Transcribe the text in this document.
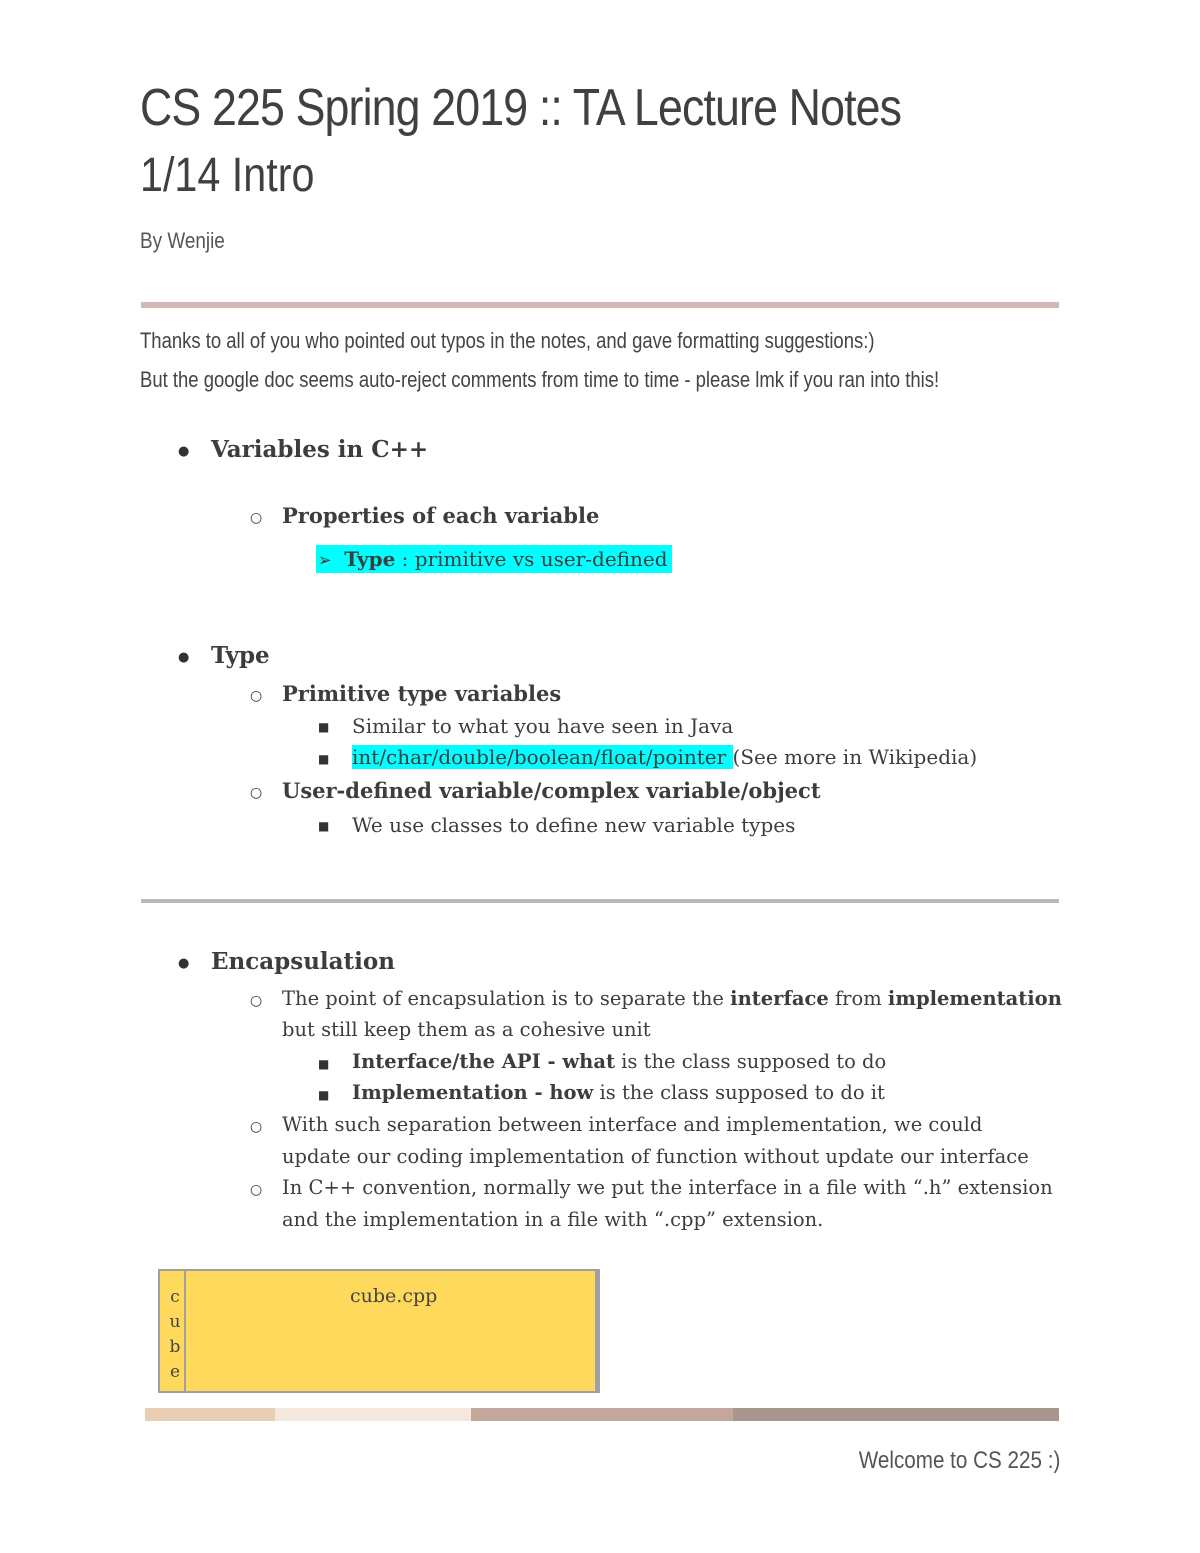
CS 225 Spring 2019 :: TA Lecture Notes
1/14 Intro
By Wenjie
Thanks to all of you who pointed out typos in the notes, and gave formatting suggestions:)
But the google doc seems auto-reject comments from time to time - please lmk if you ran into this!
● Variables in C++
○ Properties of each variable
➢ Type : primitive vs user-defined
● Type
○ Primitive type variables
■ Similar to what you have seen in Java
■ int/char/double/boolean/float/pointer (See more in Wikipedia)
○ User-defined variable/complex variable/object
■ We use classes to define new variable types
● Encapsulation
○ The point of encapsulation is to separate the interface from implementation
but still keep them as a cohesive unit
■ Interface/the API - what is the class supposed to do
■ Implementation - how is the class supposed to do it
○ With such separation between interface and implementation, we could
update our coding implementation of function without update our interface
○ In C++ convention, normally we put the interface in a file with “.h” extension
and the implementation in a file with “.cpp” extension.
c
u
b
e
cube.cpp
Welcome to CS 225 :)
